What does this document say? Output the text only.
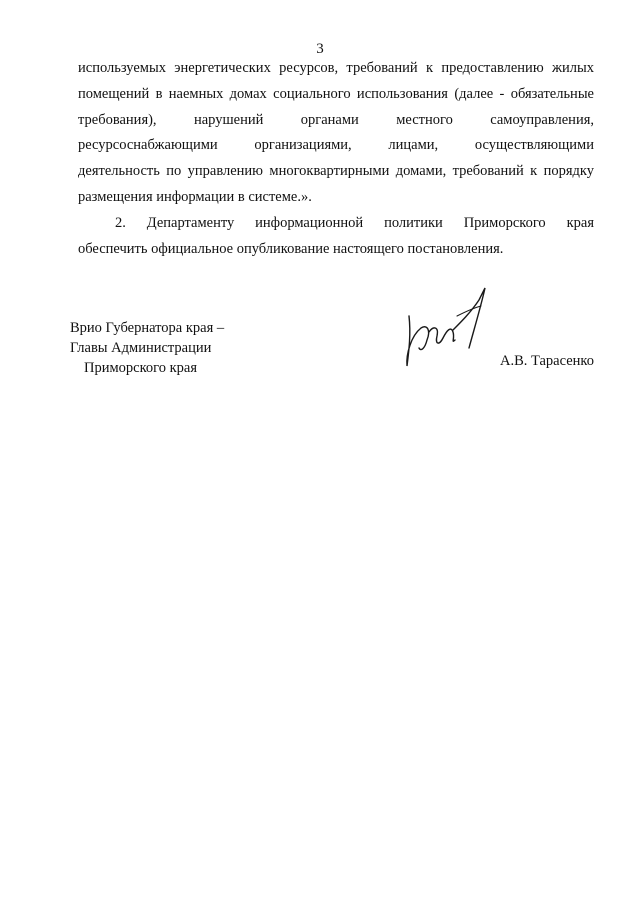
3
используемых энергетических ресурсов, требований к предоставлению жилых
помещений в наемных домах социального использования (далее - обязательные
требования), нарушений органами местного самоуправления,
ресурсоснабжающими организациями, лицами, осуществляющими
деятельность по управлению многоквартирными домами, требований к порядку
размещения информации в системе.».
2. Департаменту информационной политики Приморского края
обеспечить официальное опубликование настоящего постановления.
Врио Губернатора края –
Главы Администрации
Приморского края	А.В. Тарасенко
